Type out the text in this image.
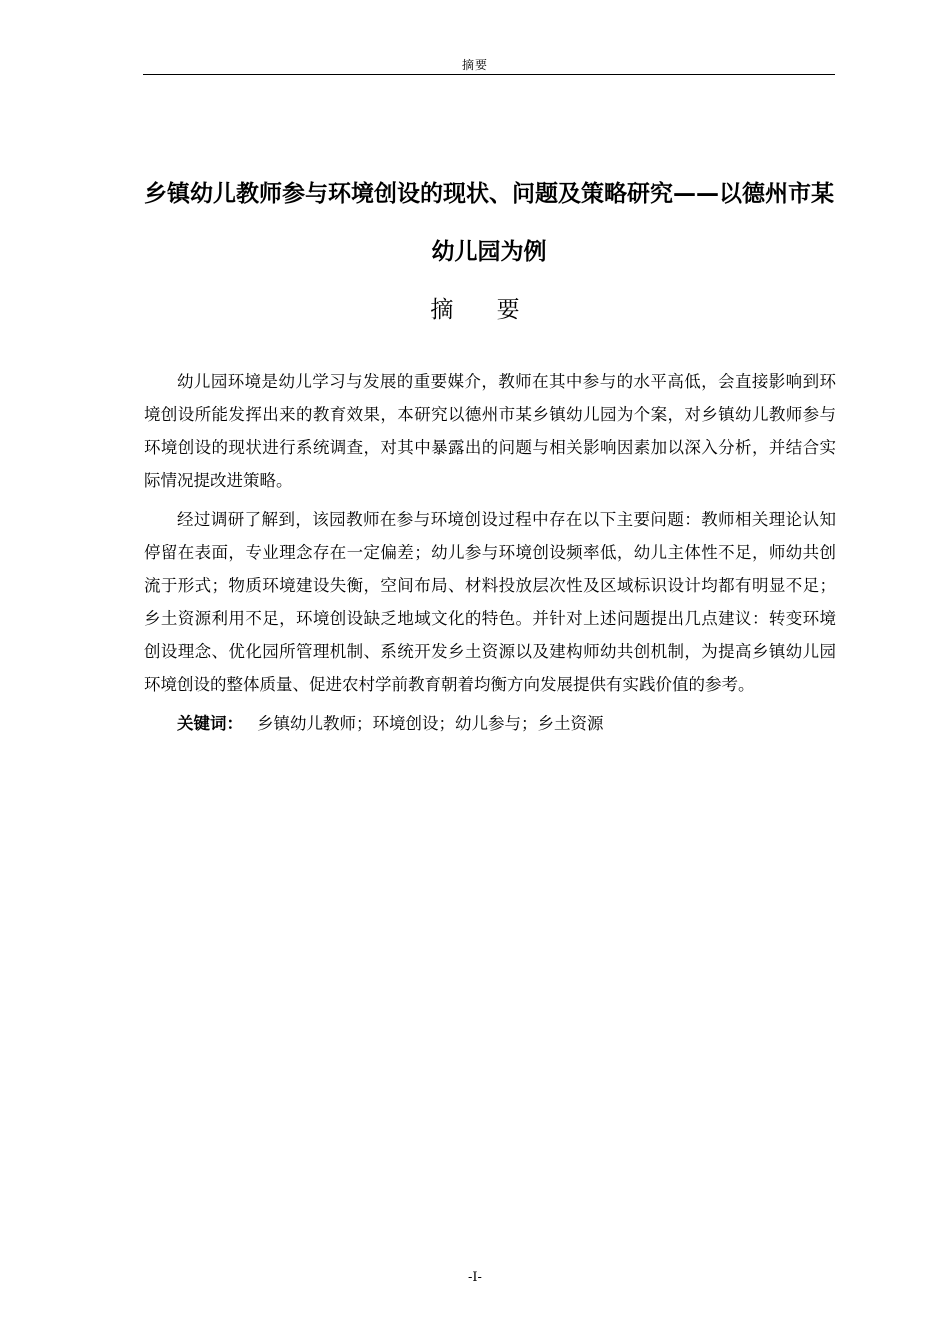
摘要
乡镇幼儿教师参与环境创设的现状、问题及策略研究——以德州市某幼儿园为例
摘 要

幼儿园环境是幼儿学习与发展的重要媒介，教师在其中参与的水平高低，会直接影响到环境创设所能发挥出来的教育效果，本研究以德州市某乡镇幼儿园为个案，对乡镇幼儿教师参与环境创设的现状进行系统调查，对其中暴露出的问题与相关影响因素加以深入分析，并结合实际情况提改进策略。

经过调研了解到，该园教师在参与环境创设过程中存在以下主要问题：教师相关理论认知停留在表面，专业理念存在一定偏差；幼儿参与环境创设频率低，幼儿主体性不足，师幼共创流于形式；物质环境建设失衡，空间布局、材料投放层次性及区域标识设计均都有明显不足；乡土资源利用不足，环境创设缺乏地域文化的特色。并针对上述问题提出几点建议：转变环境创设理念、优化园所管理机制、系统开发乡土资源以及建构师幼共创机制，为提高乡镇幼儿园环境创设的整体质量、促进农村学前教育朝着均衡方向发展提供有实践价值的参考。

关键词： 乡镇幼儿教师；环境创设；幼儿参与；乡土资源

-I-
